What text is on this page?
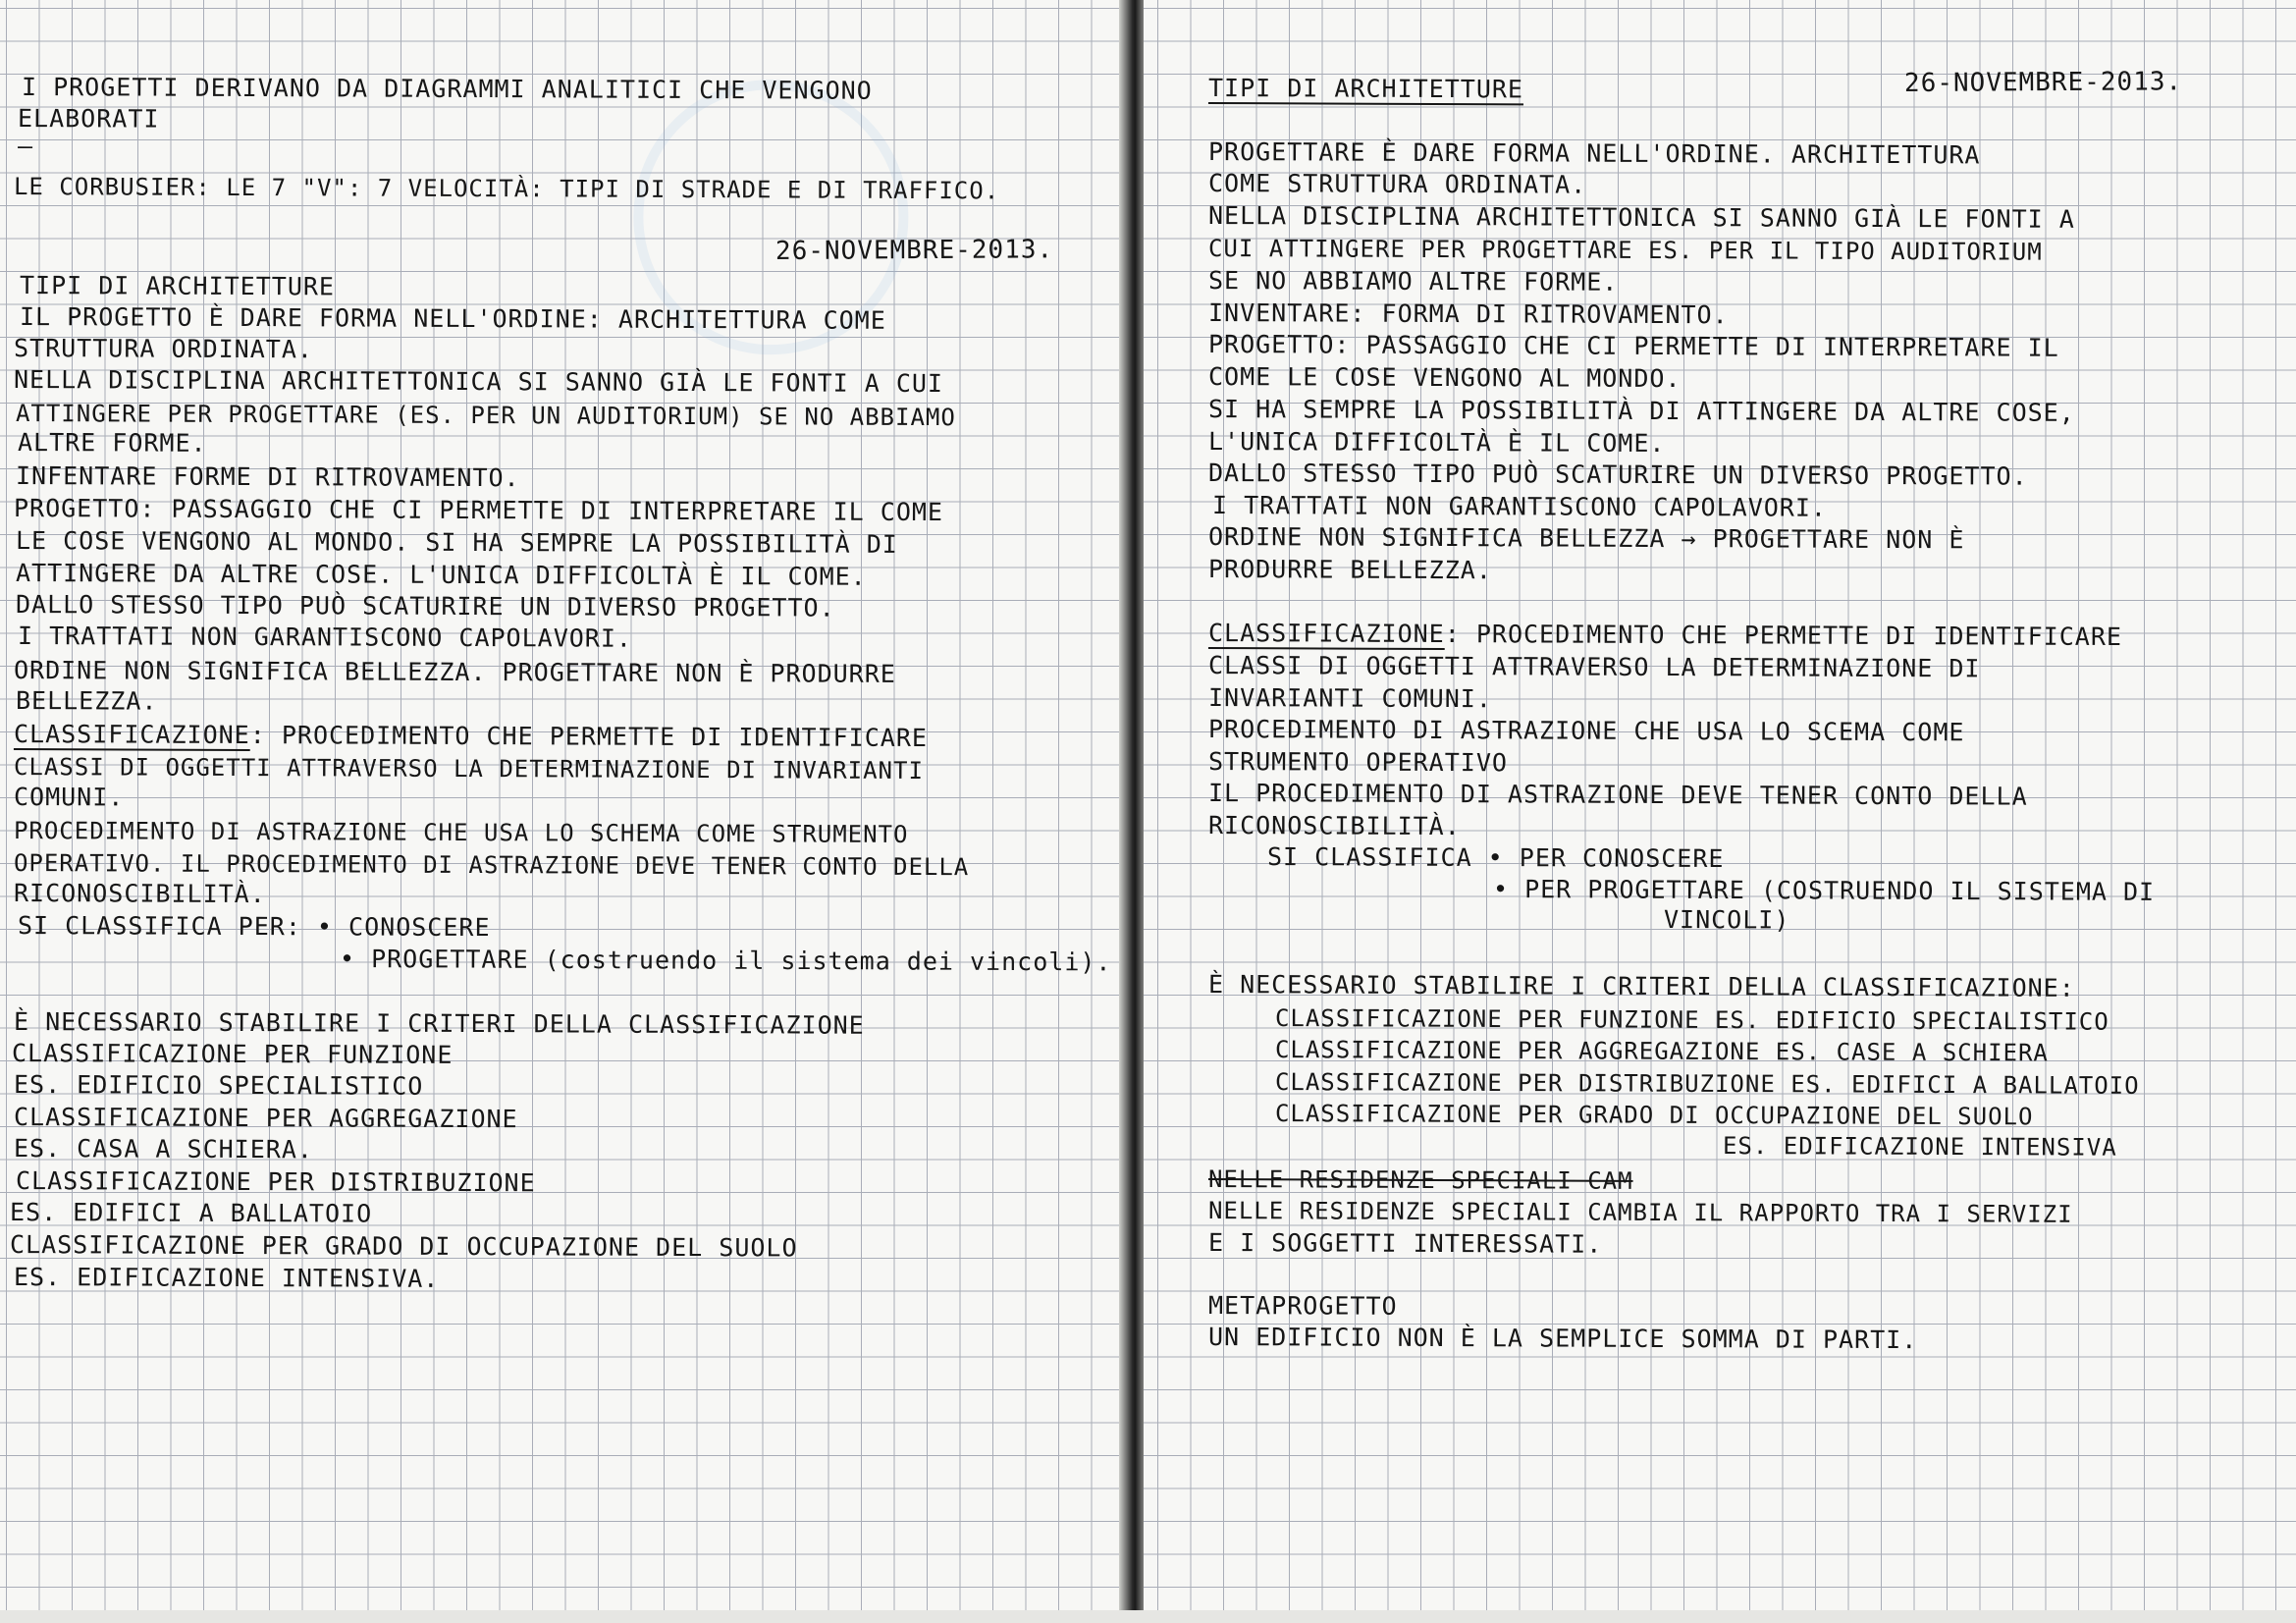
I PROGETTI DERIVANO DA DIAGRAMMI ANALITICI CHE VENGONO
ELABORATI
—
LE CORBUSIER: LE 7 "V": 7 VELOCITÀ: TIPI DI STRADE E DI TRAFFICO.
26-NOVEMBRE-2013.
TIPI DI ARCHITETTURE
IL PROGETTO È DARE FORMA NELL'ORDINE: ARCHITETTURA COME
STRUTTURA ORDINATA.
NELLA DISCIPLINA ARCHITETTONICA SI SANNO GIÀ LE FONTI A CUI
ATTINGERE PER PROGETTARE (ES. PER UN AUDITORIUM) SE NO ABBIAMO
ALTRE FORME.
INFENTARE FORME DI RITROVAMENTO.
PROGETTO: PASSAGGIO CHE CI PERMETTE DI INTERPRETARE IL COME
LE COSE VENGONO AL MONDO. SI HA SEMPRE LA POSSIBILITÀ DI
ATTINGERE DA ALTRE COSE. L'UNICA DIFFICOLTÀ È IL COME.
DALLO STESSO TIPO PUÒ SCATURIRE UN DIVERSO PROGETTO.
I TRATTATI NON GARANTISCONO CAPOLAVORI.
ORDINE NON SIGNIFICA BELLEZZA. PROGETTARE NON È PRODURRE
BELLEZZA.
CLASSIFICAZIONE: PROCEDIMENTO CHE PERMETTE DI IDENTIFICARE
CLASSI DI OGGETTI ATTRAVERSO LA DETERMINAZIONE DI INVARIANTI
COMUNI.
PROCEDIMENTO DI ASTRAZIONE CHE USA LO SCHEMA COME STRUMENTO
OPERATIVO. IL PROCEDIMENTO DI ASTRAZIONE DEVE TENER CONTO DELLA
RICONOSCIBILITÀ.
SI CLASSIFICA PER: • CONOSCERE
• PROGETTARE (costruendo il sistema dei vincoli).
È NECESSARIO STABILIRE I CRITERI DELLA CLASSIFICAZIONE
CLASSIFICAZIONE PER FUNZIONE
ES. EDIFICIO SPECIALISTICO
CLASSIFICAZIONE PER AGGREGAZIONE
ES. CASA A SCHIERA.
CLASSIFICAZIONE PER DISTRIBUZIONE
ES. EDIFICI A BALLATOIO
CLASSIFICAZIONE PER GRADO DI OCCUPAZIONE DEL SUOLO
ES. EDIFICAZIONE INTENSIVA.
TIPI DI ARCHITETTURE	26-NOVEMBRE-2013.
PROGETTARE È DARE FORMA NELL'ORDINE. ARCHITETTURA
COME STRUTTURA ORDINATA.
NELLA DISCIPLINA ARCHITETTONICA SI SANNO GIÀ LE FONTI A
CUI ATTINGERE PER PROGETTARE ES. PER IL TIPO AUDITORIUM
SE NO ABBIAMO ALTRE FORME.
INVENTARE: FORMA DI RITROVAMENTO.
PROGETTO: PASSAGGIO CHE CI PERMETTE DI INTERPRETARE IL
COME LE COSE VENGONO AL MONDO.
SI HA SEMPRE LA POSSIBILITÀ DI ATTINGERE DA ALTRE COSE,
L'UNICA DIFFICOLTÀ È IL COME.
DALLO STESSO TIPO PUÒ SCATURIRE UN DIVERSO PROGETTO.
I TRATTATI NON GARANTISCONO CAPOLAVORI.
ORDINE NON SIGNIFICA BELLEZZA → PROGETTARE NON È
PRODURRE BELLEZZA.
CLASSIFICAZIONE: PROCEDIMENTO CHE PERMETTE DI IDENTIFICARE
CLASSI DI OGGETTI ATTRAVERSO LA DETERMINAZIONE DI
INVARIANTI COMUNI.
PROCEDIMENTO DI ASTRAZIONE CHE USA LO SCEMA COME
STRUMENTO OPERATIVO
IL PROCEDIMENTO DI ASTRAZIONE DEVE TENER CONTO DELLA
RICONOSCIBILITÀ.
SI CLASSIFICA • PER CONOSCERE
• PER PROGETTARE (COSTRUENDO IL SISTEMA DI
VINCOLI)
È NECESSARIO STABILIRE I CRITERI DELLA CLASSIFICAZIONE:
CLASSIFICAZIONE PER FUNZIONE ES. EDIFICIO SPECIALISTICO
CLASSIFICAZIONE PER AGGREGAZIONE ES. CASE A SCHIERA
CLASSIFICAZIONE PER DISTRIBUZIONE ES. EDIFICI A BALLATOIO
CLASSIFICAZIONE PER GRADO DI OCCUPAZIONE DEL SUOLO
ES. EDIFICAZIONE INTENSIVA
NELLE RESIDENZE SPECIALI CAM
NELLE RESIDENZE SPECIALI CAMBIA IL RAPPORTO TRA I SERVIZI
E I SOGGETTI INTERESSATI.
METAPROGETTO
UN EDIFICIO NON È LA SEMPLICE SOMMA DI PARTI.
